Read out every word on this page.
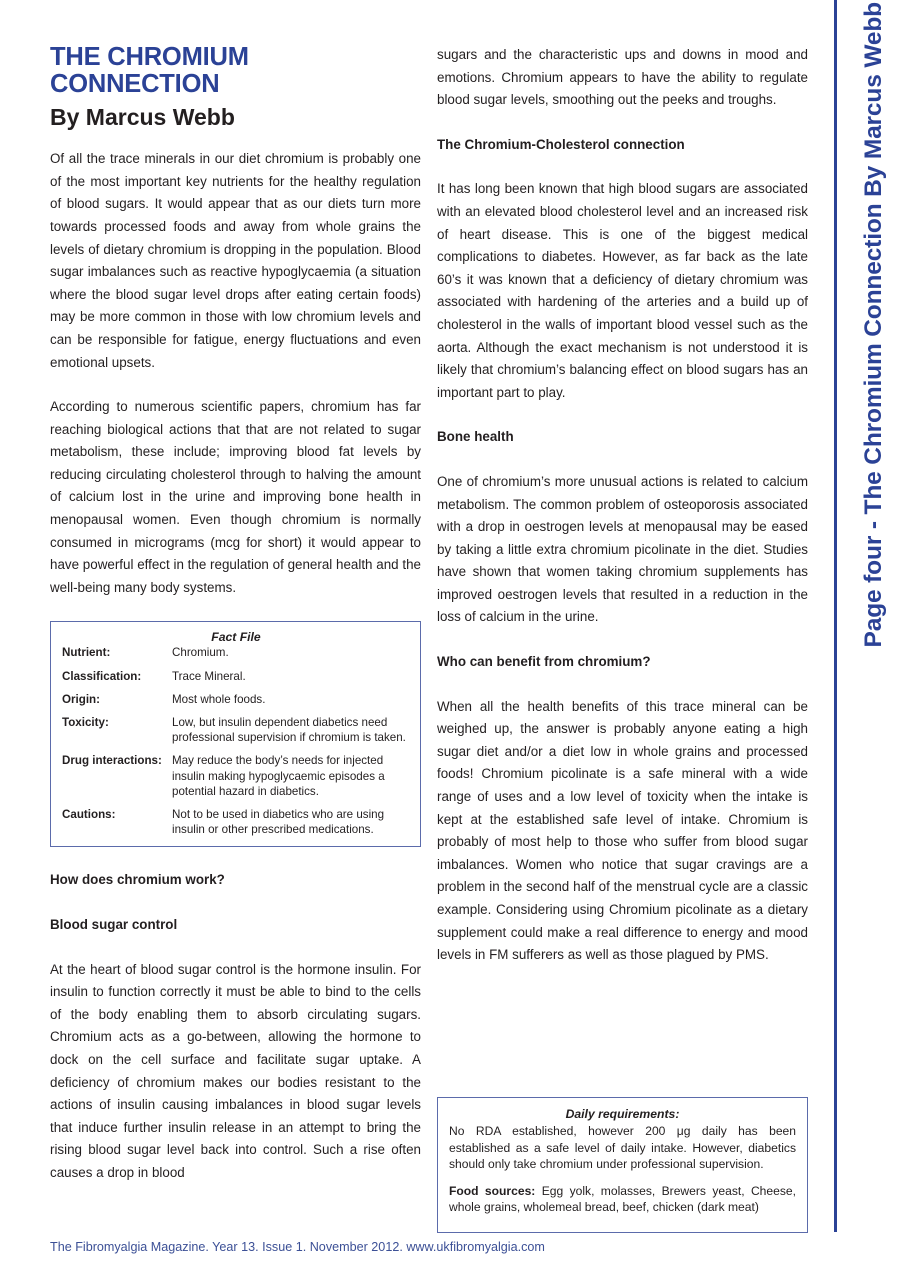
THE CHROMIUM CONNECTION
By Marcus Webb

Of all the trace minerals in our diet chromium is probably one of the most important key nutrients for the healthy regulation of blood sugars. It would appear that as our diets turn more towards processed foods and away from whole grains the levels of dietary chromium is dropping in the population. Blood sugar imbalances such as reactive hypoglycaemia (a situation where the blood sugar level drops after eating certain foods) may be more common in those with low chromium levels and can be responsible for fatigue, energy fluctuations and even emotional upsets.

According to numerous scientific papers, chromium has far reaching biological actions that that are not related to sugar metabolism, these include; improving blood fat levels by reducing circulating cholesterol through to halving the amount of calcium lost in the urine and improving bone health in menopausal women. Even though chromium is normally consumed in micrograms (mcg for short) it would appear to have powerful effect in the regulation of general health and the well-being many body systems.

Fact File
Nutrient:	Chromium.
Classification:	Trace Mineral.
Origin:	Most whole foods.
Toxicity:	Low, but insulin dependent diabetics need professional supervision if chromium is taken.
Drug interactions: May reduce the body’s needs for injected insulin making hypoglycaemic episodes a potential hazard in diabetics.
Cautions:	Not to be used in diabetics who are using insulin or other prescribed medications.
How does chromium work?
Blood sugar control

At the heart of blood sugar control is the hormone insulin. For insulin to function correctly it must be able to bind to the cells of the body enabling them to absorb circulating sugars. Chromium acts as a go-between, allowing the hormone to dock on the cell surface and facilitate sugar uptake. A deficiency of chromium makes our bodies resistant to the actions of insulin causing imbalances in blood sugar levels that induce further insulin release in an attempt to bring the rising blood sugar level back into control. Such a rise often causes a drop in blood

sugars and the characteristic ups and downs in mood and emotions. Chromium appears to have the ability to regulate blood sugar levels, smoothing out the peeks and troughs.

The Chromium-Cholesterol connection

It has long been known that high blood sugars are associated with an elevated blood cholesterol level and an increased risk of heart disease. This is one of the biggest medical complications to diabetes. However, as far back as the late 60’s it was known that a deficiency of dietary chromium was associated with hardening of the arteries and a build up of cholesterol in the walls of important blood vessel such as the aorta. Although the exact mechanism is not understood it is likely that chromium’s balancing effect on blood sugars has an important part to play.

Bone health

One of chromium’s more unusual actions is related to calcium metabolism. The common problem of osteoporosis associated with a drop in oestrogen levels at menopausal may be eased by taking a little extra chromium picolinate in the diet. Studies have shown that women taking chromium supplements has improved oestrogen levels that resulted in a reduction in the loss of calcium in the urine.

Who can benefit from chromium?

When all the health benefits of this trace mineral can be weighed up, the answer is probably anyone eating a high sugar diet and/or a diet low in whole grains and processed foods! Chromium picolinate is a safe mineral with a wide range of uses and a low level of toxicity when the intake is kept at the established safe level of intake. Chromium is probably of most help to those who suffer from blood sugar imbalances. Women who notice that sugar cravings are a problem in the second half of the menstrual cycle are a classic example. Considering using Chromium picolinate as a dietary supplement could make a real difference to energy and mood levels in FM sufferers as well as those plagued by PMS.

Daily requirements:

No RDA established, however 200 μg daily has been established as a safe level of daily intake. However, diabetics should only take chromium under professional supervision.

Food sources: Egg yolk, molasses, Brewers yeast, Cheese, whole grains, wholemeal bread, beef, chicken (dark meat)

Page four - The Chromium Connection By Marcus Webb
The Fibromyalgia Magazine. Year 13. Issue 1. November 2012. www.ukfibromyalgia.com
